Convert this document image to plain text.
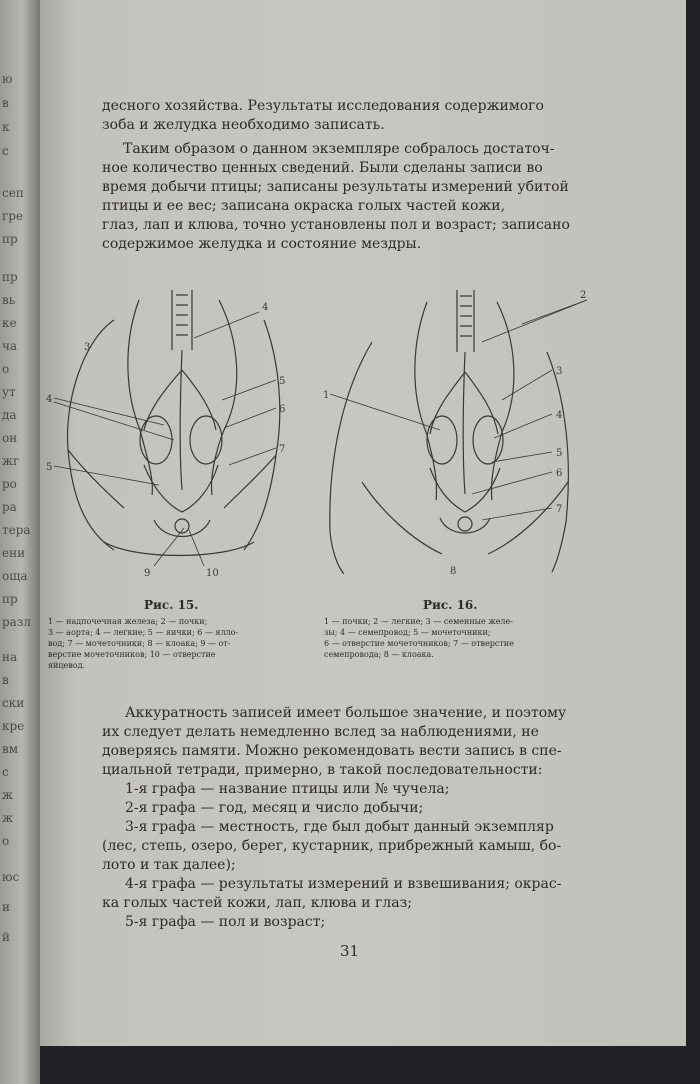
ю
в
к
с
сеп
гре
пр
пр
вь
ке
ча
о
ут
да
он
жг
ро
ра
тера
ени
оща
пр
разл
на
в
ски
кре
вм
с
ж
ж
о
юс
и
й
десного хозяйства. Результаты исследования содержимого
зоба и желудка необходимо записать.
Таким образом о данном экземпляре собралось достаточ-
ное количество ценных сведений. Были сделаны записи во
время добычи птицы; записаны результаты измерений убитой
птицы и ее вес; записана окраска голых частей кожи,
глаз, лап и клюва, точно установлены пол и возраст; записано
содержимое желудка и состояние мездры.
4
5
6
7
3
4
5
9	10
2
3
1
4
5
6
7
8
Рис. 15.
1 — надпочечная железа; 2 — почки;
3 — аорта; 4 — легкие; 5 — яички; 6 — ялло-
вод; 7 — мочеточники; 8 — клоака; 9 — от-
верстие мочеточников; 10 — отверстие
яйцевод.
Рис. 16.
1 — почки; 2 — легкие; 3 — семенные желе-
зы; 4 — семепровод; 5 — мочеточники;
6 — отверстие мочеточников; 7 — отверстие
семепровода; 8 — клоака.
Аккуратность записей имеет большое значение, и поэтому
их следует делать немедленно вслед за наблюдениями, не
доверяясь памяти. Можно рекомендовать вести запись в спе-
циальной тетради, примерно, в такой последовательности:
1-я графа — название птицы или № чучела;
2-я графа — год, месяц и число добычи;
3-я графа — местность, где был добыт данный экземпляр
(лес, степь, озеро, берег, кустарник, прибрежный камыш, бо-
лото и так далее);
4-я графа — результаты измерений и взвешивания; окрас-
ка голых частей кожи, лап, клюва и глаз;
5-я графа — пол и возраст;
31
